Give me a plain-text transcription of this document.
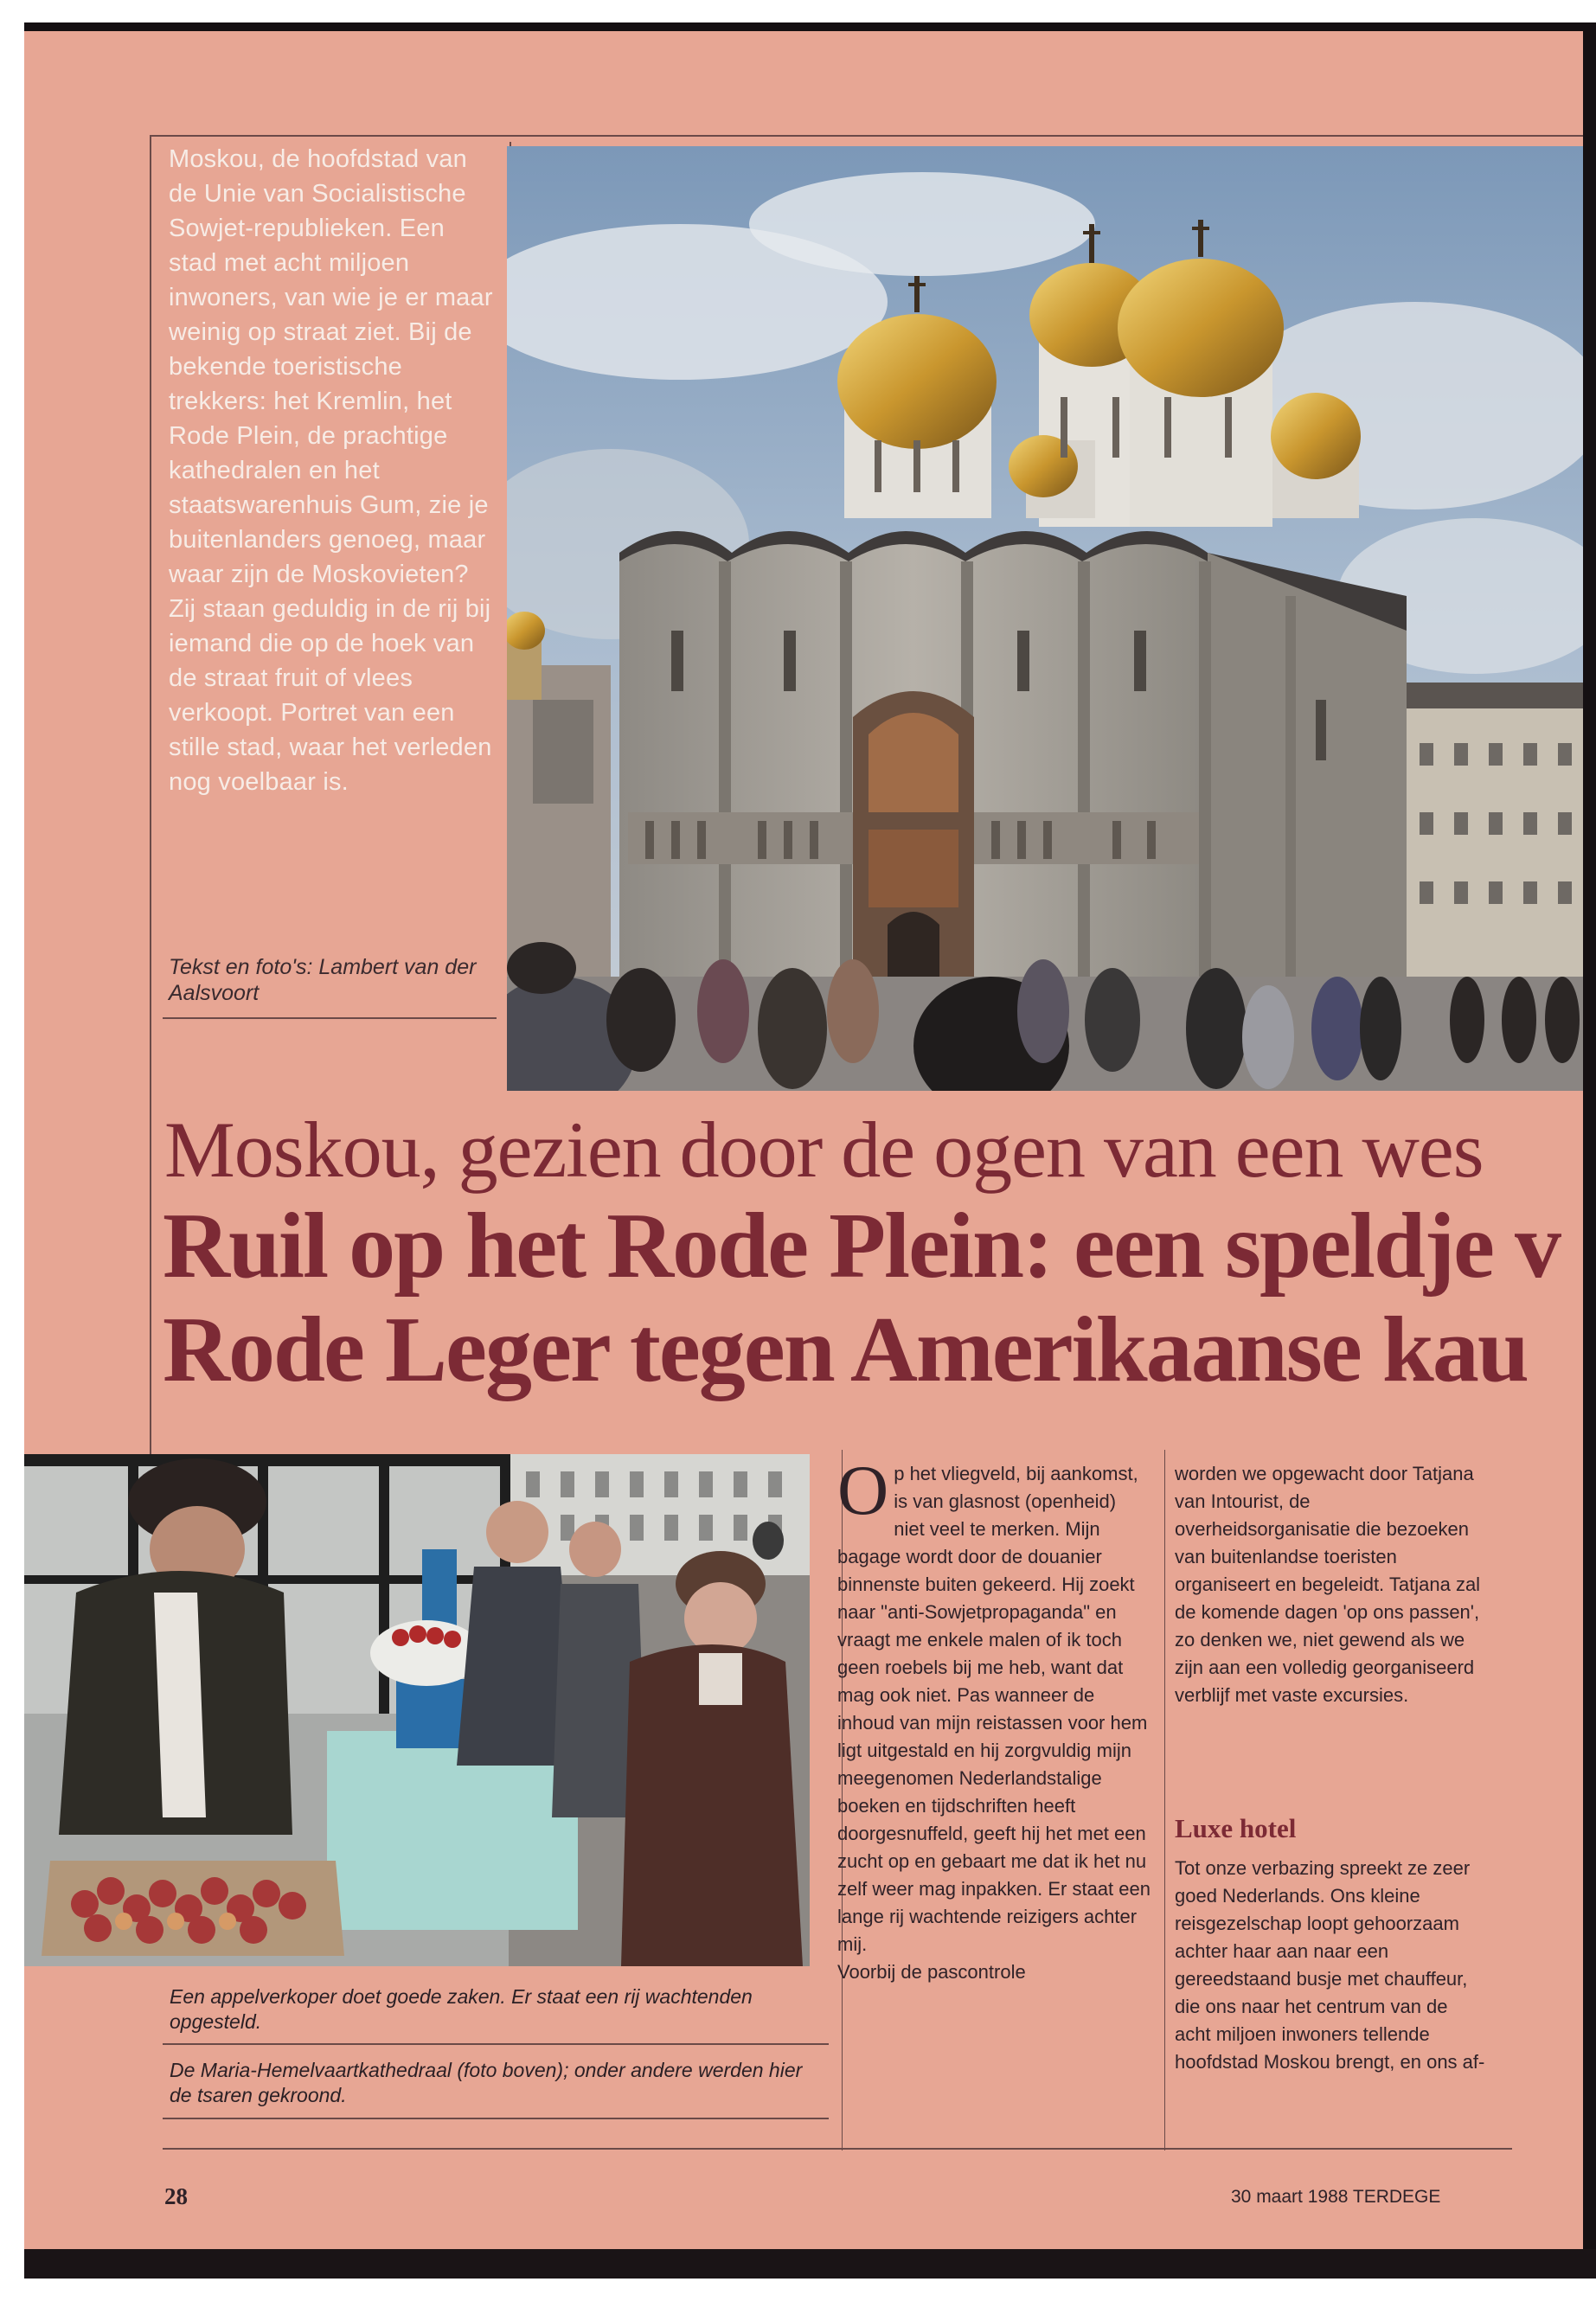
Moskou, de hoofdstad van de Unie van Socialistische Sowjet-republieken. Een stad met acht miljoen inwoners, van wie je er maar weinig op straat ziet. Bij de bekende toeristische trekkers: het Kremlin, het Rode Plein, de prachtige kathedralen en het staatswarenhuis Gum, zie je buitenlanders genoeg, maar waar zijn de Moskovieten? Zij staan geduldig in de rij bij iemand die op de hoek van de straat fruit of vlees verkoopt. Portret van een stille stad, waar het verleden nog voelbaar is.
Tekst en foto's: Lambert van der Aalsvoort
Moskou, gezien door de ogen van een wes
Ruil op het Rode Plein: een speldje v
Rode Leger tegen Amerikaanse kau
Een appelverkoper doet goede zaken. Er staat een rij wachtenden opgesteld.
De Maria-Hemelvaartkathedraal (foto boven); onder andere werden hier de tsaren gekroond.
O p het vliegveld, bij aankomst, is van glasnost (openheid) niet veel te merken. Mijn bagage wordt door de douanier binnenste buiten gekeerd. Hij zoekt naar "anti-Sowjetpropaganda" en vraagt me enkele malen of ik toch geen roebels bij me heb, want dat mag ook niet. Pas wanneer de inhoud van mijn reistassen voor hem ligt uitgestald en hij zorgvuldig mijn meegenomen Nederlandstalige boeken en tijdschriften heeft doorgesnuffeld, geeft hij het met een zucht op en gebaart me dat ik het nu zelf weer mag inpakken. Er staat een lange rij wachtende reizigers achter mij.
Voorbij de pascontrole
worden we opgewacht door Tatjana van Intourist, de overheidsorganisatie die bezoeken van buitenlandse toeristen organiseert en begeleidt. Tatjana zal de komende dagen 'op ons passen', zo denken we, niet gewend als we zijn aan een volledig georganiseerd verblijf met vaste excursies.
Luxe hotel
Tot onze verbazing spreekt ze zeer goed Nederlands. Ons kleine reisgezelschap loopt gehoorzaam achter haar aan naar een gereedstaand busje met chauffeur, die ons naar het centrum van de acht miljoen inwoners tellende hoofdstad Moskou brengt, en ons af-
28	30 maart 1988 TERDEGE
